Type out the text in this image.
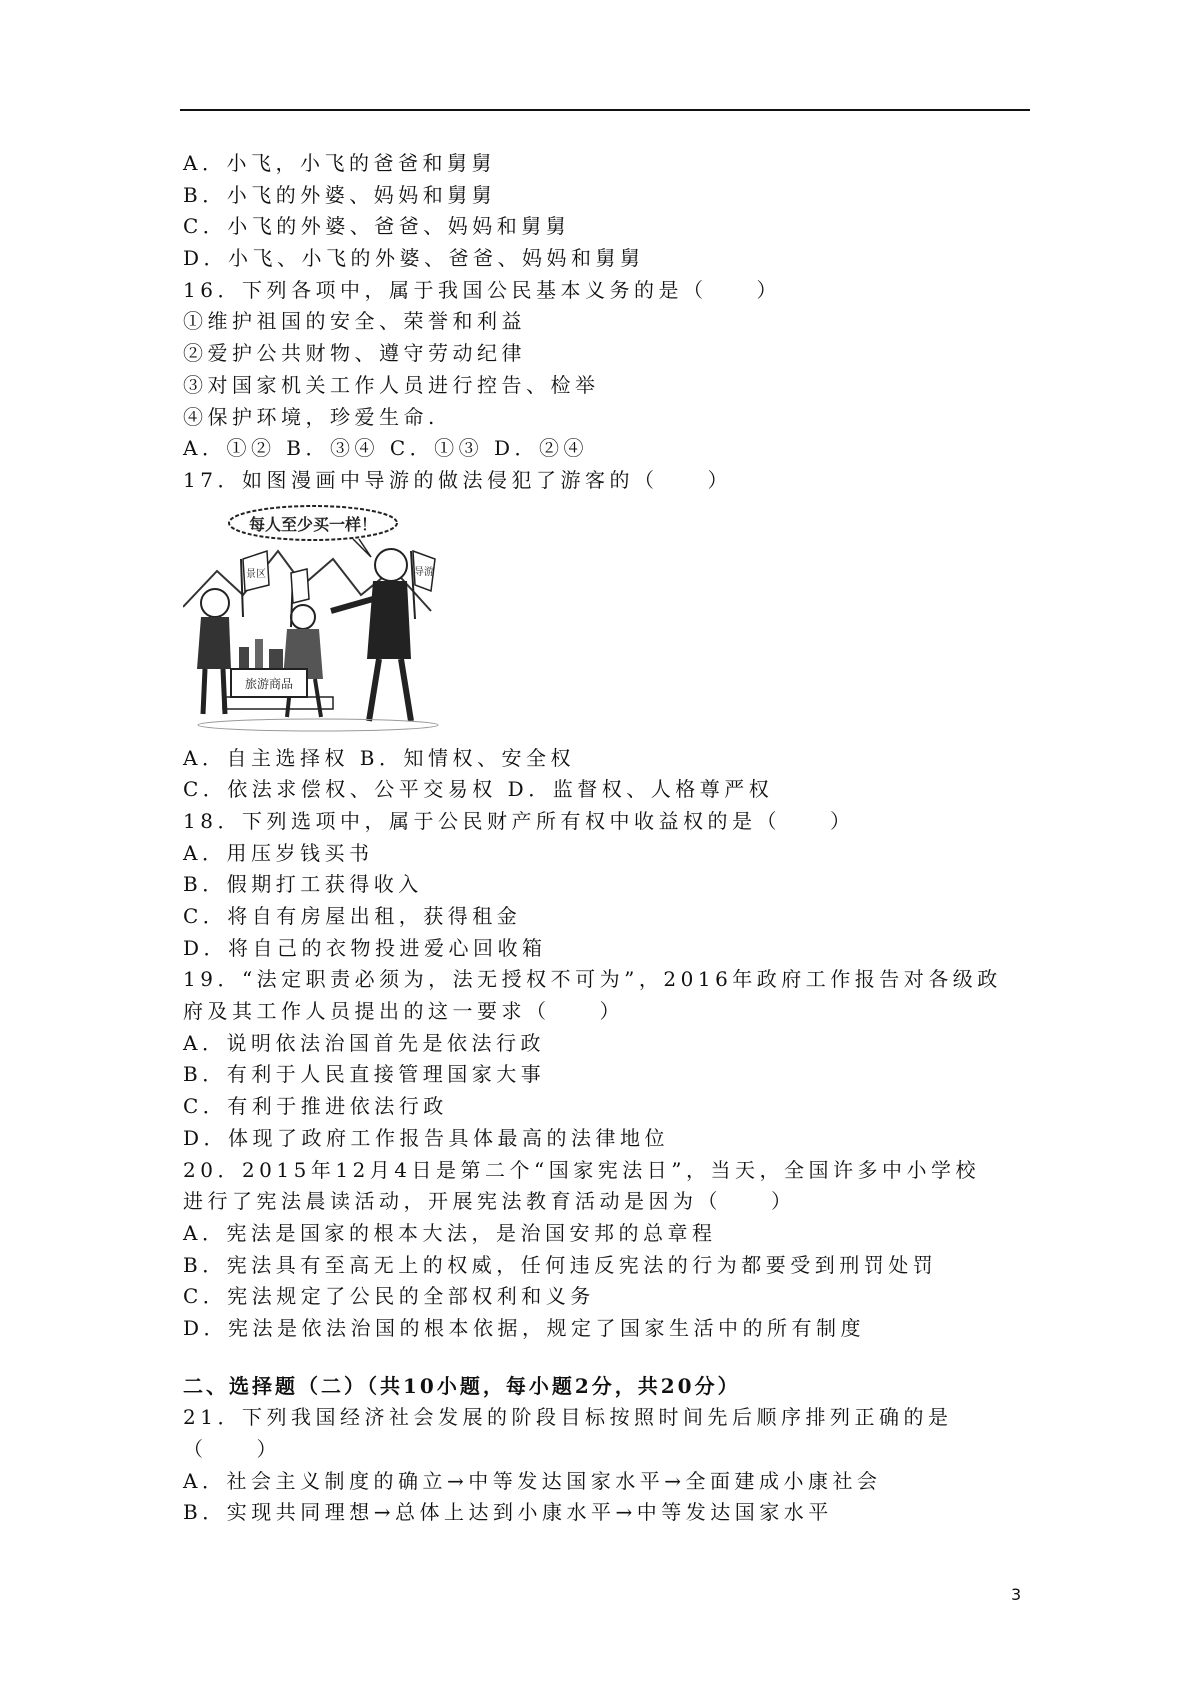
A．小飞，小飞的爸爸和舅舅
B．小飞的外婆、妈妈和舅舅
C．小飞的外婆、爸爸、妈妈和舅舅
D．小飞、小飞的外婆、爸爸、妈妈和舅舅
16．下列各项中，属于我国公民基本义务的是（　　）
①维护祖国的安全、荣誉和利益
②爱护公共财物、遵守劳动纪律
③对国家机关工作人员进行控告、检举
④保护环境，珍爱生命.
A．①② B．③④ C．①③ D．②④
17．如图漫画中导游的做法侵犯了游客的（　　）
每人至少买一样！
景区	导游
旅游商品
A．自主选择权 B．知情权、安全权
C．依法求偿权、公平交易权 D．监督权、人格尊严权
18．下列选项中，属于公民财产所有权中收益权的是（　　）
A．用压岁钱买书
B．假期打工获得收入
C．将自有房屋出租，获得租金
D．将自己的衣物投进爱心回收箱
19．“法定职责必须为，法无授权不可为”，2016年政府工作报告对各级政
府及其工作人员提出的这一要求（　　）
A．说明依法治国首先是依法行政
B．有利于人民直接管理国家大事
C．有利于推进依法行政
D．体现了政府工作报告具体最高的法律地位
20．2015年12月4日是第二个“国家宪法日”，当天，全国许多中小学校
进行了宪法晨读活动，开展宪法教育活动是因为（　　）
A．宪法是国家的根本大法，是治国安邦的总章程
B．宪法具有至高无上的权威，任何违反宪法的行为都要受到刑罚处罚
C．宪法规定了公民的全部权利和义务
D．宪法是依法治国的根本依据，规定了国家生活中的所有制度
二、选择题（二）（共10小题，每小题2分，共20分）
21．下列我国经济社会发展的阶段目标按照时间先后顺序排列正确的是
（　　）
A．社会主义制度的确立→中等发达国家水平→全面建成小康社会
B．实现共同理想→总体上达到小康水平→中等发达国家水平
3
